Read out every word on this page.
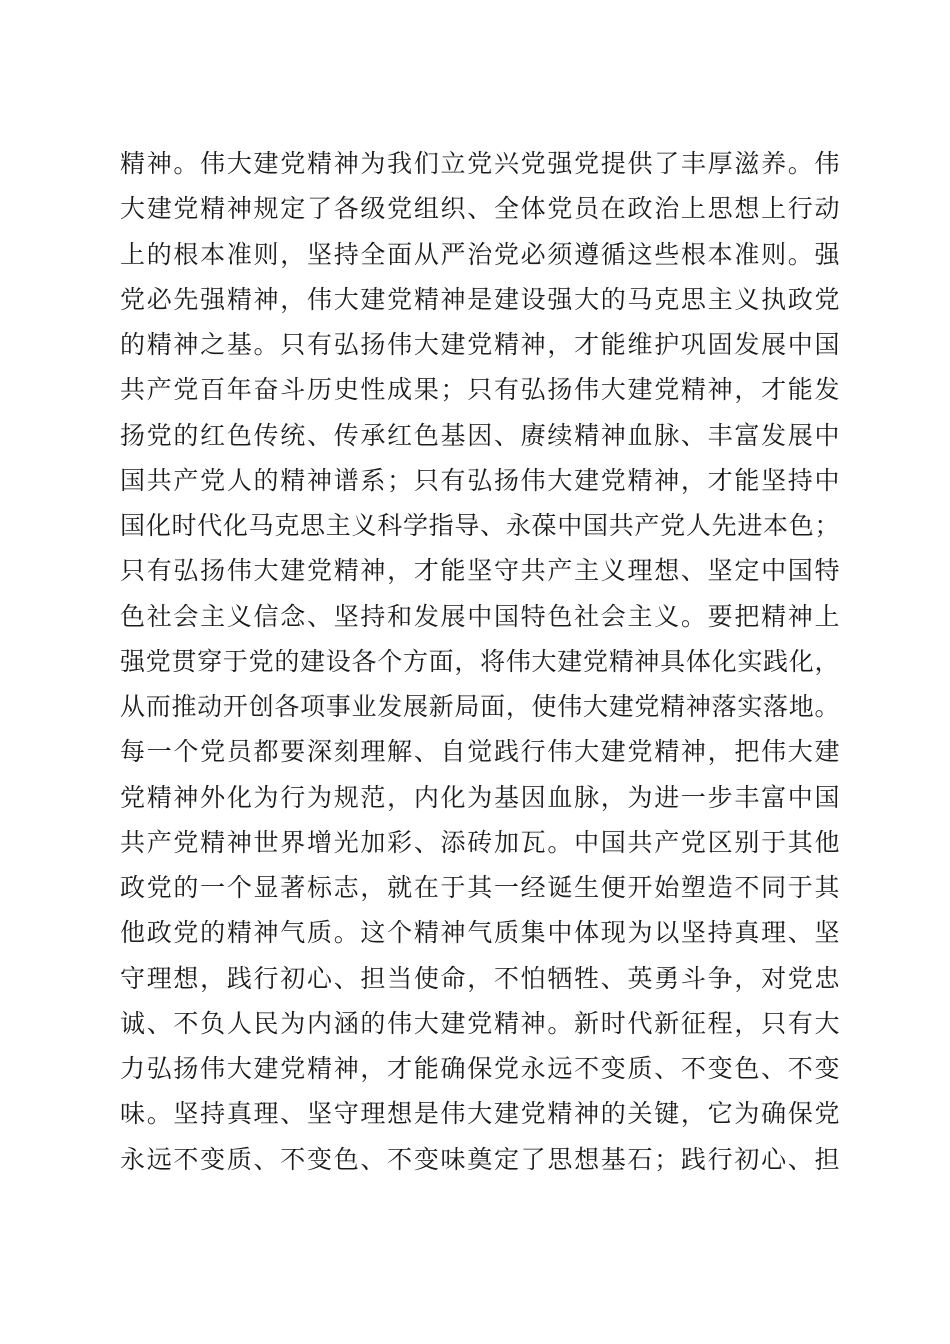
精神。伟大建党精神为我们立党兴党强党提供了丰厚滋养。伟
大建党精神规定了各级党组织、全体党员在政治上思想上行动
上的根本准则，坚持全面从严治党必须遵循这些根本准则。强
党必先强精神，伟大建党精神是建设强大的马克思主义执政党
的精神之基。只有弘扬伟大建党精神，才能维护巩固发展中国
共产党百年奋斗历史性成果；只有弘扬伟大建党精神，才能发
扬党的红色传统、传承红色基因、赓续精神血脉、丰富发展中
国共产党人的精神谱系；只有弘扬伟大建党精神，才能坚持中
国化时代化马克思主义科学指导、永葆中国共产党人先进本色；
只有弘扬伟大建党精神，才能坚守共产主义理想、坚定中国特
色社会主义信念、坚持和发展中国特色社会主义。要把精神上
强党贯穿于党的建设各个方面，将伟大建党精神具体化实践化，
从而推动开创各项事业发展新局面，使伟大建党精神落实落地。
每一个党员都要深刻理解、自觉践行伟大建党精神，把伟大建
党精神外化为行为规范，内化为基因血脉，为进一步丰富中国
共产党精神世界增光加彩、添砖加瓦。中国共产党区别于其他
政党的一个显著标志，就在于其一经诞生便开始塑造不同于其
他政党的精神气质。这个精神气质集中体现为以坚持真理、坚
守理想，践行初心、担当使命，不怕牺牲、英勇斗争，对党忠
诚、不负人民为内涵的伟大建党精神。新时代新征程，只有大
力弘扬伟大建党精神，才能确保党永远不变质、不变色、不变
味。坚持真理、坚守理想是伟大建党精神的关键，它为确保党
永远不变质、不变色、不变味奠定了思想基石；践行初心、担
